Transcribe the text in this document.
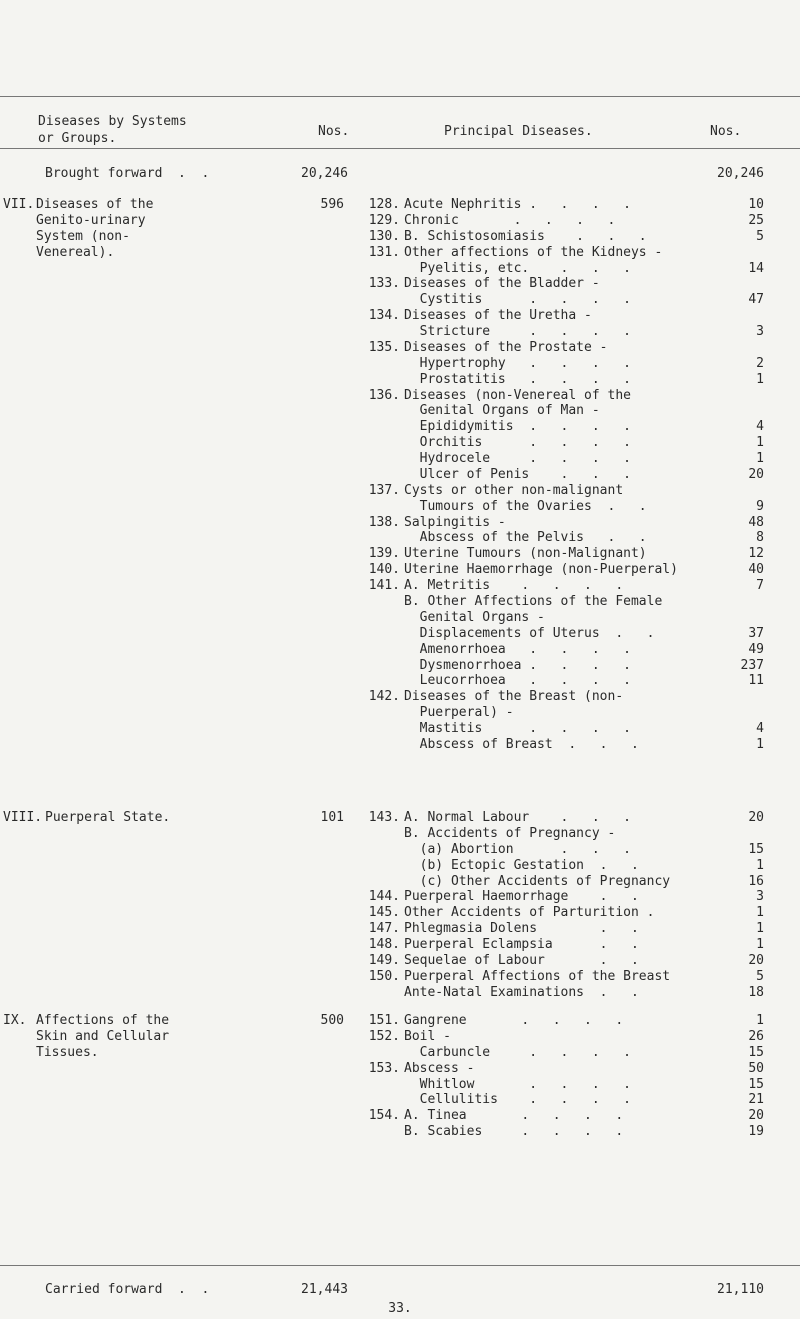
Diseases by Systems
or Groups.	Nos.	Principal Diseases.	Nos.
Brought forward  .  .	20,246	20,246
VII. Diseases of the
Genito-urinary
System (non-
Venereal).
596	128. Acute Nephritis .   .   .   .	10
129. Chronic       .   .   .   .	25
130. B. Schistosomiasis    .   .   .	5
131. Other affections of the Kidneys -
Pyelitis, etc.    .   .   .	14
133. Diseases of the Bladder -
Cystitis      .   .   .   .	47
134. Diseases of the Uretha -
Stricture     .   .   .   .	3
135. Diseases of the Prostate -
Hypertrophy   .   .   .   .	2
Prostatitis   .   .   .   .	1
136. Diseases (non-Venereal of the
Genital Organs of Man -
Epididymitis  .   .   .   .	4
Orchitis      .   .   .   .	1
Hydrocele     .   .   .   .	1
Ulcer of Penis    .   .   .	20
137. Cysts or other non-malignant
Tumours of the Ovaries  .   .	9
138. Salpingitis -	48
Abscess of the Pelvis   .   .	8
139. Uterine Tumours (non-Malignant)	12
140. Uterine Haemorrhage (non-Puerperal)	40
141. A. Metritis    .   .   .   .	7
B. Other Affections of the Female
Genital Organs -
Displacements of Uterus  .   .	37
Amenorrhoea   .   .   .   .	49
Dysmenorrhoea .   .   .   .	237
Leucorrhoea   .   .   .   .	11
142. Diseases of the Breast (non-
Puerperal) -
Mastitis      .   .   .   .	4
Abscess of Breast  .   .   .	1
VIII. Puerperal State.	101	143. A. Normal Labour    .   .   .	20
B. Accidents of Pregnancy -
(a) Abortion      .   .   .	15
(b) Ectopic Gestation  .   .	1
(c) Other Accidents of Pregnancy	16
144. Puerperal Haemorrhage    .   .	3
145. Other Accidents of Parturition .	1
147. Phlegmasia Dolens        .   .	1
148. Puerperal Eclampsia      .   .	1
149. Sequelae of Labour       .   .	20
150. Puerperal Affections of the Breast	5
Ante-Natal Examinations  .   .	18
IX. Affections of the
Skin and Cellular
Tissues.
500	151. Gangrene       .   .   .   .	1
152. Boil -	26
Carbuncle     .   .   .   .	15
153. Abscess -	50
Whitlow       .   .   .   .	15
Cellulitis    .   .   .   .	21
154. A. Tinea       .   .   .   .	20
B. Scabies     .   .   .   .	19
Carried forward  .  .	21,443	21,110
33.
